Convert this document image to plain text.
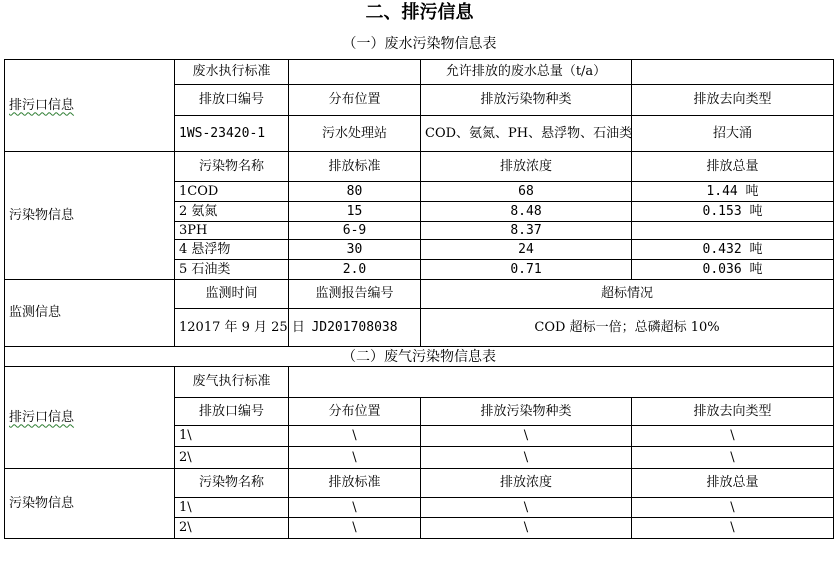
二、排污信息
（一）废水污染物信息表
排污口信息	废水执行标准		允许排放的废水总量（t/a）	
	排放口编号	分布位置	排放污染物种类	排放去向类型
	1WS-23420-1	污水处理站	COD、氨氮、PH、悬浮物、石油类	招大涌
污染物信息	污染物名称	排放标准	排放浓度	排放总量
	1COD	80	68	1.44 吨
	2 氨氮	15	8.48	0.153 吨
	3PH	6-9	8.37	
	4 悬浮物	30	24	0.432 吨
	5 石油类	2.0	0.71	0.036 吨
监测信息	监测时间	监测报告编号	超标情况	
	12017 年 9 月 25 日	JD201708038	COD 超标一倍；总磷超标 10%	
（二）废气污染物信息表				
排污口信息	废气执行标准			
	排放口编号	分布位置	排放污染物种类	排放去向类型
	1\	\	\	\
	2\	\	\	\
污染物信息	污染物名称	排放标准	排放浓度	排放总量
	1\	\	\	\
	2\	\	\	\
